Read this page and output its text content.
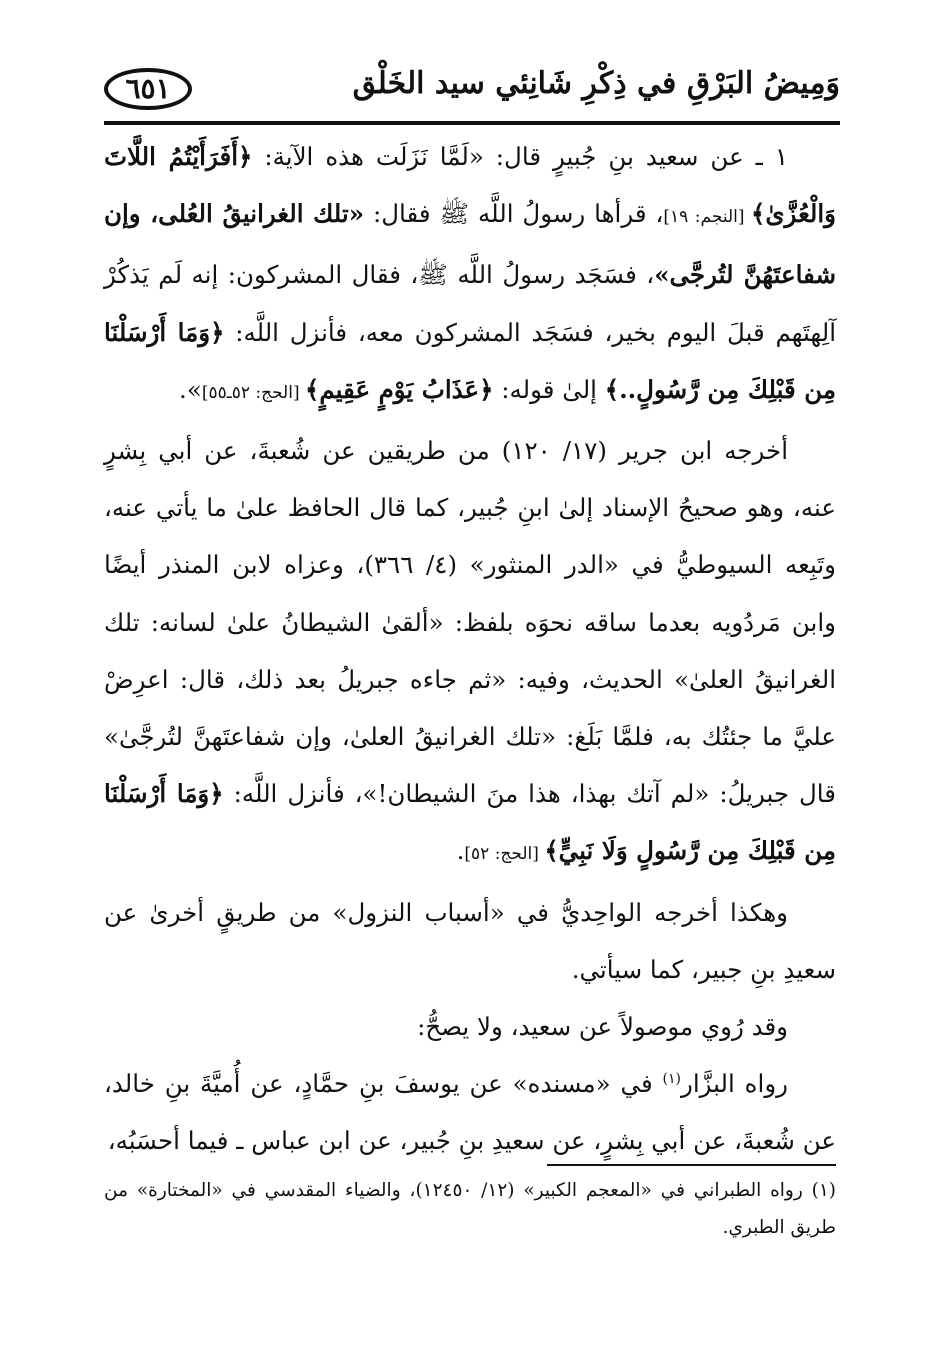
وَمِيضُ البَرْقِ في ذِكْرِ شَانِئي سيد الخَلْق
٦٥١

١ ـ عن سعيد بنِ جُبيرٍ قال: «لَمَّا نَزَلَت هذه الآية: ﴿أَفَرَأَيْتُمُ اللَّاتَ وَالْعُزَّىٰ﴾ [النجم: ١٩]، قرأها رسولُ اللَّه ﷺ فقال: «تلك الغرانيقُ العُلى، وإن شفاعتَهُنَّ لتُرجَّى»، فسَجَد رسولُ اللَّه ﷺ، فقال المشركون: إنه لَم يَذكُرْ آلِهتَهم قبلَ اليوم بخير، فسَجَد المشركون معه، فأنزل اللَّه: ﴿وَمَا أَرْسَلْنَا مِن قَبْلِكَ مِن رَّسُولٍ..﴾ إلىٰ قوله: ﴿عَذَابُ يَوْمٍ عَقِيمٍ﴾ [الحج: ٥٢ـ٥٥]».

أخرجه ابن جرير (١٧/ ١٢٠) من طريقين عن شُعبةَ، عن أبي بِشرٍ عنه، وهو صحيحُ الإسناد إلىٰ ابنِ جُبير، كما قال الحافظ علىٰ ما يأتي عنه، وتَبِعه السيوطيُّ في «الدر المنثور» (٤/ ٣٦٦)، وعزاه لابن المنذر أيضًا وابن مَردُويه بعدما ساقه نحوَه بلفظ: «ألقىٰ الشيطانُ علىٰ لسانه: تلك الغرانيقُ العلىٰ» الحديث، وفيه: «ثم جاءه جبريلُ بعد ذلك، قال: اعرِضْ عليَّ ما جئتُك به، فلمَّا بَلَغ: «تلك الغرانيقُ العلىٰ، وإن شفاعتَهنَّ لتُرجَّىٰ» قال جبريلُ: «لم آتك بهذا، هذا منَ الشيطان!»، فأنزل اللَّه: ﴿وَمَا أَرْسَلْنَا مِن قَبْلِكَ مِن رَّسُولٍ وَلَا نَبِيٍّ﴾ [الحج: ٥٢].

وهكذا أخرجه الواحِديُّ في «أسباب النزول» من طريقٍ أخرىٰ عن سعيدِ بنِ جبير، كما سيأتي.

وقد رُوي موصولاً عن سعيد، ولا يصحُّ:

رواه البزَّار$^{(١)}$ في «مسنده» عن يوسفَ بنِ حمَّادٍ، عن أُميَّةَ بنِ خالد، عن شُعبةَ، عن أبي بِشرٍ، عن سعيدِ بنِ جُبير، عن ابن عباس ـ فيما أحسَبُه،

(١) رواه الطبراني في «المعجم الكبير» (١٢/ ١٢٤٥٠)، والضياء المقدسي في «المختارة» من طريق الطبري.
